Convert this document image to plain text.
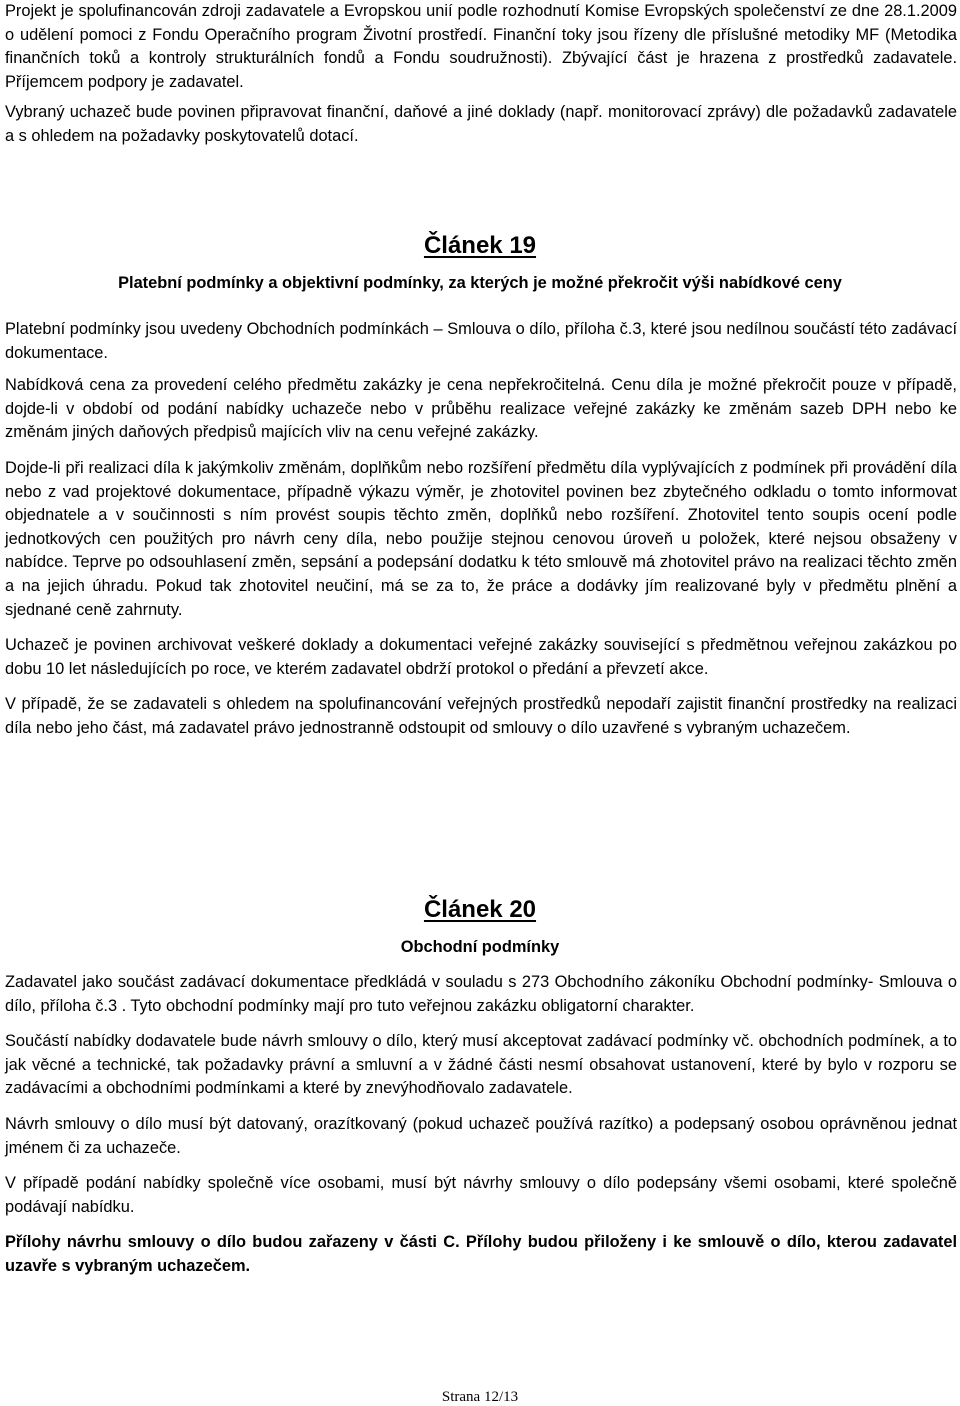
Projekt je spolufinancován zdroji zadavatele a Evropskou unií podle rozhodnutí Komise Evropských společenství ze dne 28.1.2009 o udělení pomoci z Fondu Operačního program Životní prostředí. Finanční toky jsou řízeny dle příslušné metodiky MF (Metodika finančních toků a kontroly strukturálních fondů a Fondu soudružnosti). Zbývající část je hrazena z prostředků zadavatele. Příjemcem podpory je zadavatel.

Vybraný uchazeč bude povinen připravovat finanční, daňové a jiné doklady (např. monitorovací zprávy) dle požadavků zadavatele a s ohledem na požadavky poskytovatelů dotací.

Článek 19
Platební podmínky a objektivní podmínky, za kterých je možné překročit výši nabídkové ceny

Platební podmínky jsou uvedeny Obchodních podmínkách – Smlouva o dílo, příloha č.3, které jsou nedílnou součástí této zadávací dokumentace.

Nabídková cena za provedení celého předmětu zakázky je cena nepřekročitelná. Cenu díla je možné překročit pouze v případě, dojde-li v období od podání nabídky uchazeče nebo v průběhu realizace veřejné zakázky ke změnám sazeb DPH nebo ke změnám jiných daňových předpisů majících vliv na cenu veřejné zakázky.

Dojde-li při realizaci díla k jakýmkoliv změnám, doplňkům nebo rozšíření předmětu díla vyplývajících z podmínek při provádění díla nebo z vad projektové dokumentace, případně výkazu výměr, je zhotovitel povinen bez zbytečného odkladu o tomto informovat objednatele a v součinnosti s ním provést soupis těchto změn, doplňků nebo rozšíření. Zhotovitel tento soupis ocení podle jednotkových cen použitých pro návrh ceny díla, nebo použije stejnou cenovou úroveň u položek, které nejsou obsaženy v nabídce. Teprve po odsouhlasení změn, sepsání a podepsání dodatku k této smlouvě má zhotovitel právo na realizaci těchto změn a na jejich úhradu. Pokud tak zhotovitel neučiní, má se za to, že práce a dodávky jím realizované byly v předmětu plnění a sjednané ceně zahrnuty.

Uchazeč je povinen archivovat veškeré doklady a dokumentaci veřejné zakázky související s předmětnou veřejnou zakázkou po dobu 10 let následujících po roce, ve kterém zadavatel obdrží protokol o předání a převzetí akce.

V případě, že se zadavateli s ohledem na spolufinancování veřejných prostředků nepodaří zajistit finanční prostředky na realizaci díla nebo jeho část, má zadavatel právo jednostranně odstoupit od smlouvy o dílo uzavřené s vybraným uchazečem.

Článek 20
Obchodní podmínky

Zadavatel jako součást zadávací dokumentace předkládá v souladu s 273 Obchodního zákoníku Obchodní podmínky- Smlouva o dílo, příloha č.3 . Tyto obchodní podmínky mají pro tuto veřejnou zakázku obligatorní charakter.

Součástí nabídky dodavatele bude návrh smlouvy o dílo, který musí akceptovat zadávací podmínky vč. obchodních podmínek, a to jak věcné a technické, tak požadavky právní a smluvní a v žádné části nesmí obsahovat ustanovení, které by bylo v rozporu se zadávacími a obchodními podmínkami a které by znevýhodňovalo zadavatele.

Návrh smlouvy o dílo musí být datovaný, orazítkovaný (pokud uchazeč používá razítko) a podepsaný osobou oprávněnou jednat jménem či za uchazeče.

V případě podání nabídky společně více osobami, musí být návrhy smlouvy o dílo podepsány všemi osobami, které společně podávají nabídku.

Přílohy návrhu smlouvy o dílo budou zařazeny v části C. Přílohy budou přiloženy i ke smlouvě o dílo, kterou zadavatel uzavře s vybraným uchazečem.

Strana 12/13
